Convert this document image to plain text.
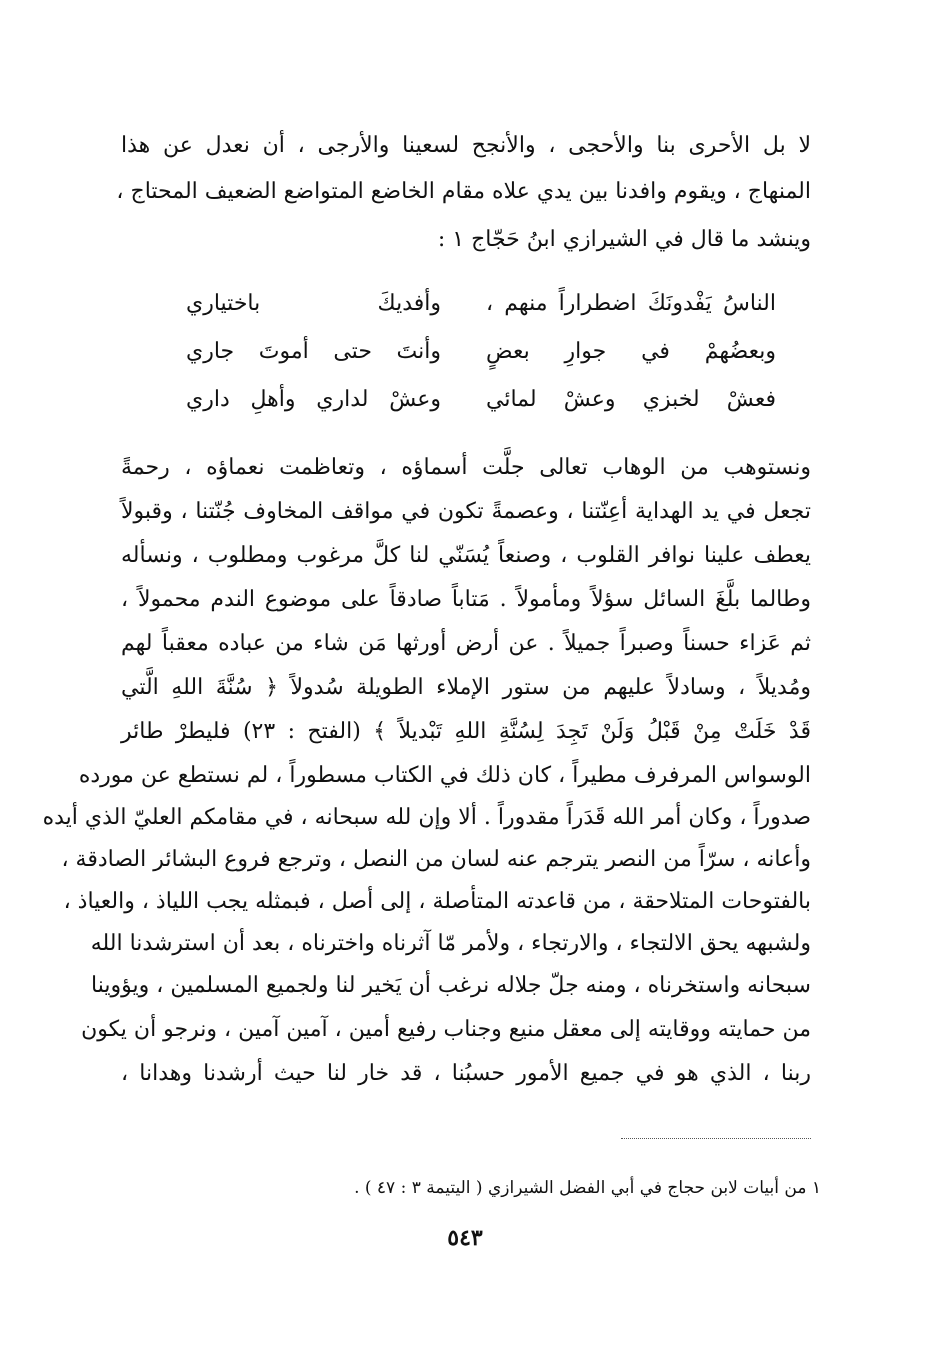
لا بل الأحرى بنا والأحجى ، والأنجح لسعينا والأرجى ، أن نعدل عن هذا
المنهاج ، ويقوم وافدنا بين يدي علاه مقام الخاضع المتواضع الضعيف المحتاج ،
وينشد ما قال في الشيرازي ابنُ حَجّاج ١ :
الناسُ يَفْدونَكَ اضطراراً منهم ،
وأفديكَ باختياري
وبعضُهمْ في جوارِ بعضٍ
وأنتَ حتى أموتَ جاري
فعشْ لخبزي وعشْ لمائي
وعشْ لداري وأهلِ داري
ونستوهب من الوهاب تعالى جلَّت أسماؤه ، وتعاظمت نعماؤه ، رحمةً
تجعل في يد الهداية أعِنّتنا ، وعصمةً تكون في مواقف المخاوف جُنّتنا ، وقبولاً
يعطف علينا نوافر القلوب ، وصنعاً يُسَنّي لنا كلَّ مرغوب ومطلوب ، ونسأله
وطالما بلَّغَ السائل سؤلاً ومأمولاً . مَتاباً صادقاً على موضوع الندم محمولاً ،
ثم عَزاء حسناً وصبراً جميلاً . عن أرض أورثها مَن شاء من عباده معقباً لهم
ومُديلاً ، وسادلاً عليهم من ستور الإملاء الطويلة سُدولاً ﴿ سُنَّةَ اللهِ الَّتي
قَدْ خَلَتْ مِنْ قَبْلُ وَلَنْ تَجِدَ لِسُنَّةِ اللهِ تَبْديلاً ﴾ (الفتح : ٢٣) فليطرْ طائر
الوسواس المرفرف مطيراً ، كان ذلك في الكتاب مسطوراً ، لم نستطع عن مورده
صدوراً ، وكان أمر الله قَدَراً مقدوراً . ألا وإن لله سبحانه ، في مقامكم العليّ الذي أيده
وأعانه ، سرّاً من النصر يترجم عنه لسان من النصل ، وترجع فروع البشائر الصادقة ،
بالفتوحات المتلاحقة ، من قاعدته المتأصلة ، إلى أصل ، فبمثله يجب اللياذ ، والعياذ ،
ولشبهه يحق الالتجاء ، والارتجاء ، ولأمر مّا آثرناه واخترناه ، بعد أن استرشدنا الله
سبحانه واستخرناه ، ومنه جلّ جلاله نرغب أن يَخير لنا ولجميع المسلمين ، ويؤوينا
من حمايته ووقايته إلى معقل منيع وجناب رفيع أمين ، آمين آمين ، ونرجو أن يكون
ربنا ، الذي هو في جميع الأمور حسبُنا ، قد خار لنا حيث أرشدنا وهدانا ،
١ من أبيات لابن حجاج في أبي الفضل الشيرازي ( اليتيمة ٣ : ٤٧ ) .
٥٤٣
